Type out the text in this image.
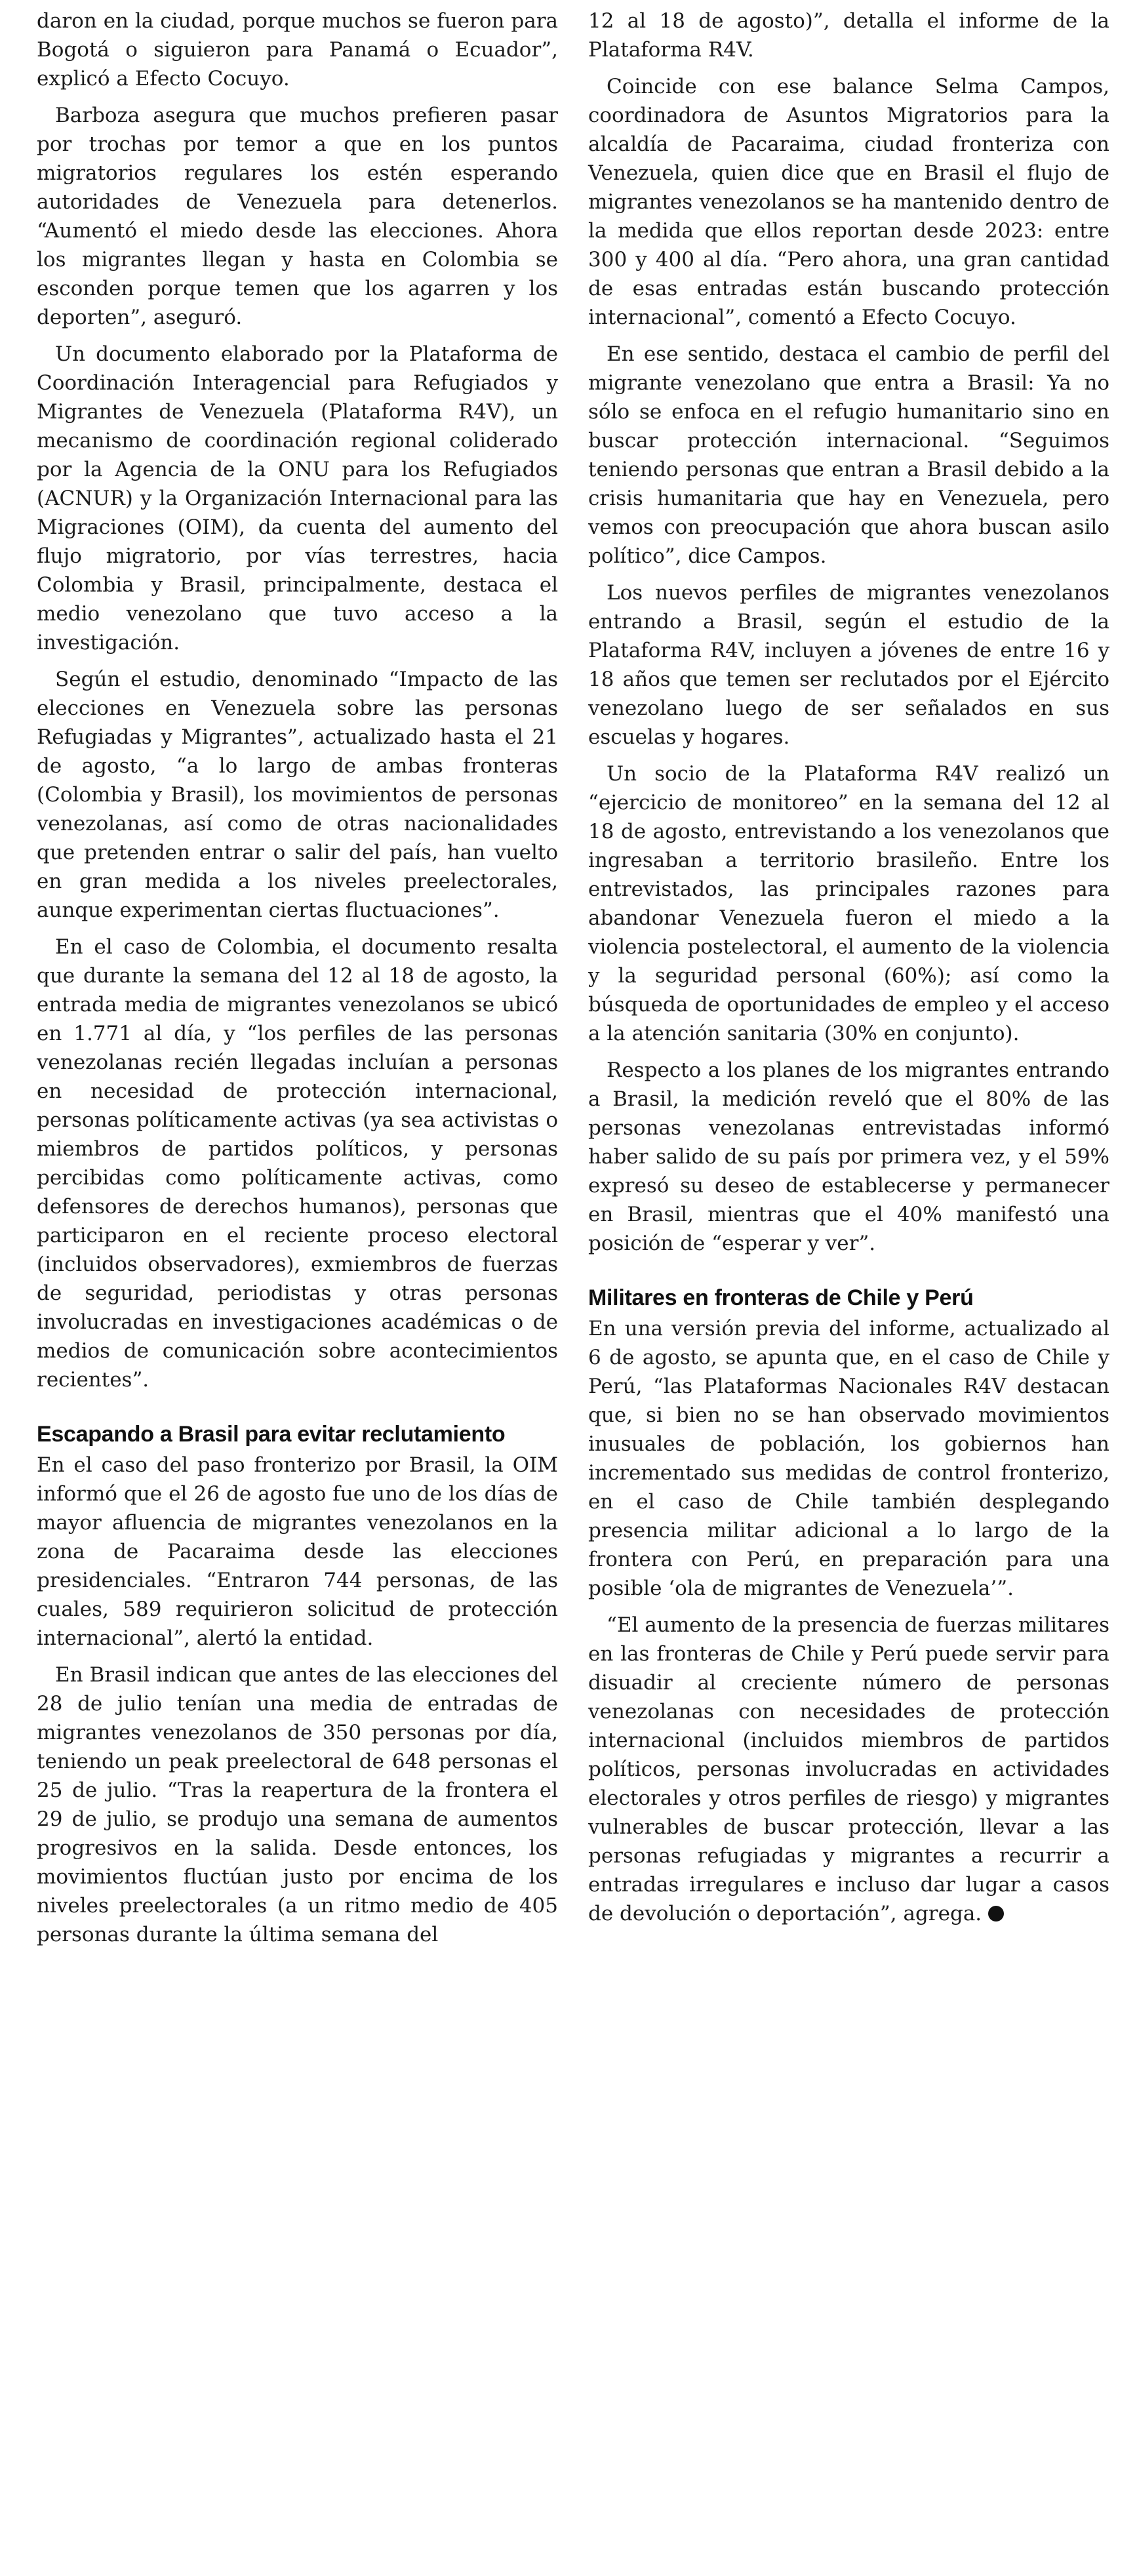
daron en la ciudad, porque muchos se fueron para Bogotá o siguieron para Panamá o Ecuador”, explicó a Efecto Cocuyo.

Barboza asegura que muchos prefieren pasar por trochas por temor a que en los puntos migratorios regulares los estén esperando autoridades de Venezuela para detenerlos. “Aumentó el miedo desde las elecciones. Ahora los migrantes llegan y hasta en Colombia se esconden porque temen que los agarren y los deporten”, aseguró.

Un documento elaborado por la Plataforma de Coordinación Interagencial para Refugiados y Migrantes de Venezuela (Plataforma R4V), un mecanismo de coordinación regional coliderado por la Agencia de la ONU para los Refugiados (ACNUR) y la Organización Internacional para las Migraciones (OIM), da cuenta del aumento del flujo migratorio, por vías terrestres, hacia Colombia y Brasil, principalmente, destaca el medio venezolano que tuvo acceso a la investigación.

Según el estudio, denominado “Impacto de las elecciones en Venezuela sobre las personas Refugiadas y Migrantes”, actualizado hasta el 21 de agosto, “a lo largo de ambas fronteras (Colombia y Brasil), los movimientos de personas venezolanas, así como de otras nacionalidades que pretenden entrar o salir del país, han vuelto en gran medida a los niveles preelectorales, aunque experimentan ciertas fluctuaciones”.

En el caso de Colombia, el documento resalta que durante la semana del 12 al 18 de agosto, la entrada media de migrantes venezolanos se ubicó en 1.771 al día, y “los perfiles de las personas venezolanas recién llegadas incluían a personas en necesidad de protección internacional, personas políticamente activas (ya sea activistas o miembros de partidos políticos, y personas percibidas como políticamente activas, como defensores de derechos humanos), personas que participaron en el reciente proceso electoral (incluidos observadores), exmiembros de fuerzas de seguridad, periodistas y otras personas involucradas en investigaciones académicas o de medios de comunicación sobre acontecimientos recientes”.

Escapando a Brasil para evitar reclutamiento

En el caso del paso fronterizo por Brasil, la OIM informó que el 26 de agosto fue uno de los días de mayor afluencia de migrantes venezolanos en la zona de Pacaraima desde las elecciones presidenciales. “Entraron 744 personas, de las cuales, 589 requirieron solicitud de protección internacional”, alertó la entidad.

En Brasil indican que antes de las elecciones del 28 de julio tenían una media de entradas de migrantes venezolanos de 350 personas por día, teniendo un peak preelectoral de 648 personas el 25 de julio. “Tras la reapertura de la frontera el 29 de julio, se produjo una semana de aumentos progresivos en la salida. Desde entonces, los movimientos fluctúan justo por encima de los niveles preelectorales (a un ritmo medio de 405 personas durante la última semana del

12 al 18 de agosto)”, detalla el informe de la Plataforma R4V.

Coincide con ese balance Selma Campos, coordinadora de Asuntos Migratorios para la alcaldía de Pacaraima, ciudad fronteriza con Venezuela, quien dice que en Brasil el flujo de migrantes venezolanos se ha mantenido dentro de la medida que ellos reportan desde 2023: entre 300 y 400 al día. “Pero ahora, una gran cantidad de esas entradas están buscando protección internacional”, comentó a Efecto Cocuyo.

En ese sentido, destaca el cambio de perfil del migrante venezolano que entra a Brasil: Ya no sólo se enfoca en el refugio humanitario sino en buscar protección internacional. “Seguimos teniendo personas que entran a Brasil debido a la crisis humanitaria que hay en Venezuela, pero vemos con preocupación que ahora buscan asilo político”, dice Campos.

Los nuevos perfiles de migrantes venezolanos entrando a Brasil, según el estudio de la Plataforma R4V, incluyen a jóvenes de entre 16 y 18 años que temen ser reclutados por el Ejército venezolano luego de ser señalados en sus escuelas y hogares.

Un socio de la Plataforma R4V realizó un “ejercicio de monitoreo” en la semana del 12 al 18 de agosto, entrevistando a los venezolanos que ingresaban a territorio brasileño. Entre los entrevistados, las principales razones para abandonar Venezuela fueron el miedo a la violencia postelectoral, el aumento de la violencia y la seguridad personal (60%); así como la búsqueda de oportunidades de empleo y el acceso a la atención sanitaria (30% en conjunto).

Respecto a los planes de los migrantes entrando a Brasil, la medición reveló que el 80% de las personas venezolanas entrevistadas informó haber salido de su país por primera vez, y el 59% expresó su deseo de establecerse y permanecer en Brasil, mientras que el 40% manifestó una posición de “esperar y ver”.

Militares en fronteras de Chile y Perú

En una versión previa del informe, actualizado al 6 de agosto, se apunta que, en el caso de Chile y Perú, “las Plataformas Nacionales R4V destacan que, si bien no se han observado movimientos inusuales de población, los gobiernos han incrementado sus medidas de control fronterizo, en el caso de Chile también desplegando presencia militar adicional a lo largo de la frontera con Perú, en preparación para una posible ‘ola de migrantes de Venezuela’”.

“El aumento de la presencia de fuerzas militares en las fronteras de Chile y Perú puede servir para disuadir al creciente número de personas venezolanas con necesidades de protección internacional (incluidos miembros de partidos políticos, personas involucradas en actividades electorales y otros perfiles de riesgo) y migrantes vulnerables de buscar protección, llevar a las personas refugiadas y migrantes a recurrir a entradas irregulares e incluso dar lugar a casos de devolución o deportación”, agrega.
